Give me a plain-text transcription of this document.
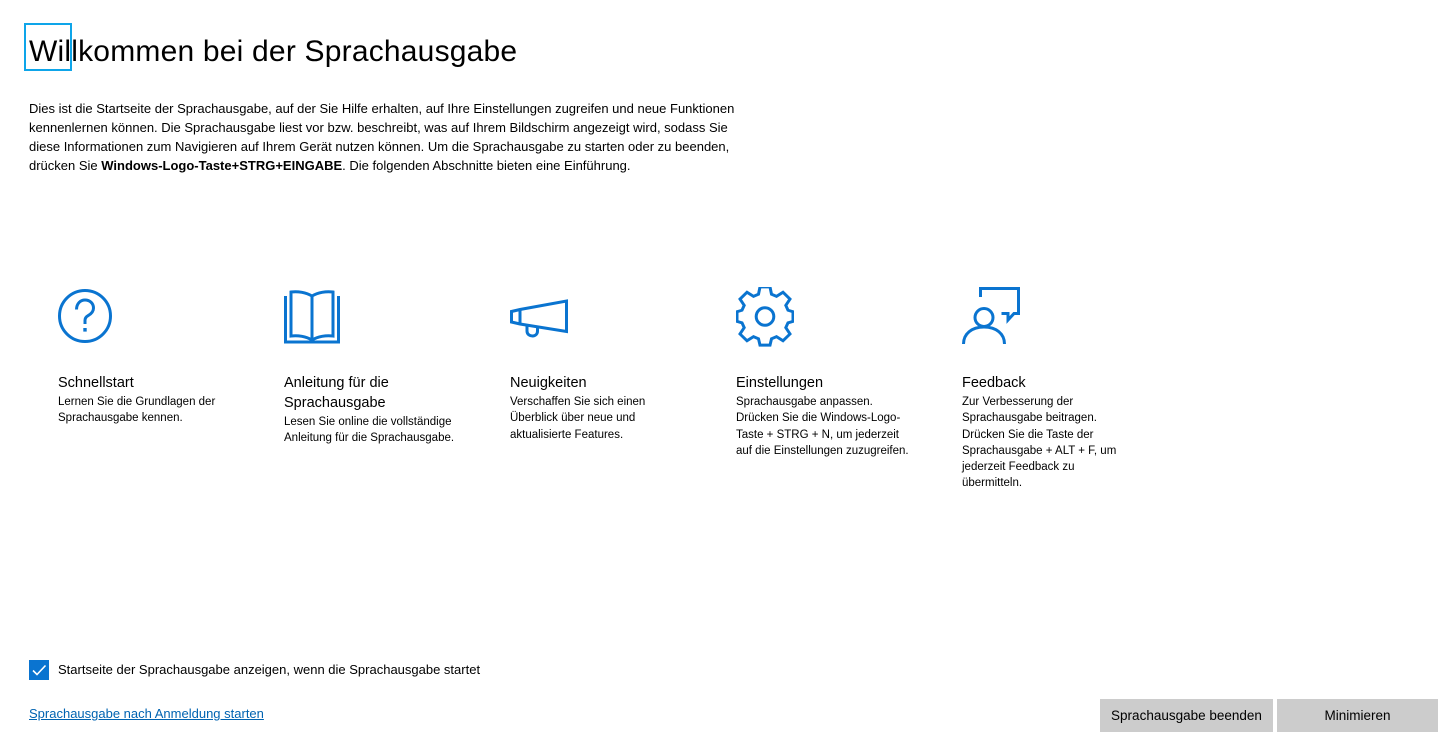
Willkommen bei der Sprachausgabe

Dies ist die Startseite der Sprachausgabe, auf der Sie Hilfe erhalten, auf Ihre Einstellungen zugreifen und neue Funktionen kennenlernen können. Die Sprachausgabe liest vor bzw. beschreibt, was auf Ihrem Bildschirm angezeigt wird, sodass Sie diese Informationen zum Navigieren auf Ihrem Gerät nutzen können. Um die Sprachausgabe zu starten oder zu beenden, drücken Sie Windows-Logo-Taste+STRG+EINGABE. Die folgenden Abschnitte bieten eine Einführung.

Schnellstart
Lernen Sie die Grundlagen der Sprachausgabe kennen.
Anleitung für die Sprachausgabe
Lesen Sie online die vollständige Anleitung für die Sprachausgabe.
Neuigkeiten
Verschaffen Sie sich einen Überblick über neue und aktualisierte Features.
Einstellungen
Sprachausgabe anpassen. Drücken Sie die Windows-Logo-Taste + STRG + N, um jederzeit auf die Einstellungen zuzugreifen.
Feedback
Zur Verbesserung der Sprachausgabe beitragen. Drücken Sie die Taste der Sprachausgabe + ALT + F, um jederzeit Feedback zu übermitteln.
Startseite der Sprachausgabe anzeigen, wenn die Sprachausgabe startet
Sprachausgabe nach Anmeldung starten	Sprachausgabe beenden	Minimieren
